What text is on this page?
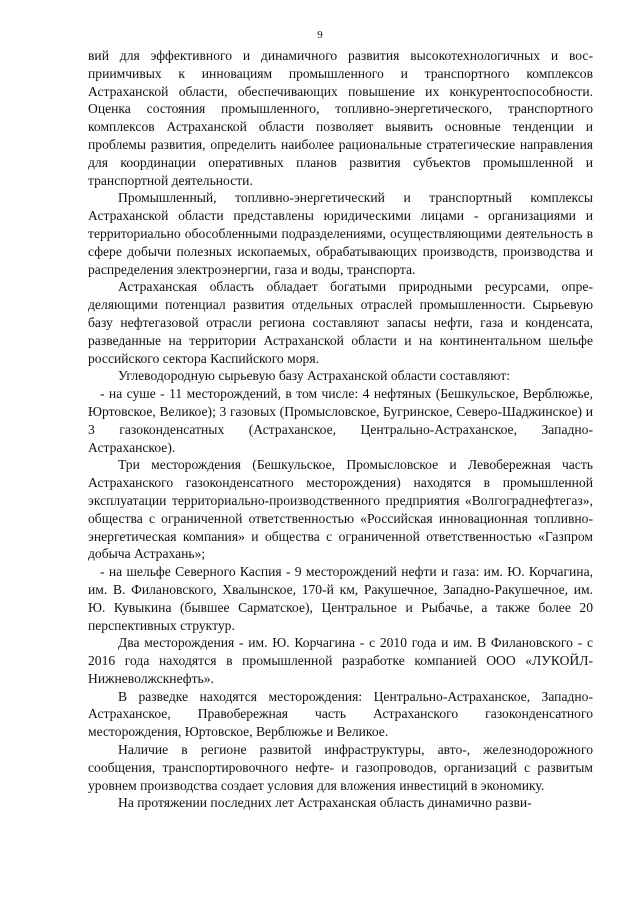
9

вий для эффективного и динамичного развития высокотехнологичных и восприимчивых к инновациям промышленного и транспортного комплексов Астраханской области, обеспечивающих повышение их конкурентоспособности. Оценка состояния промышленного, топливно-энергетического, транспортного комплексов Астраханской области позволяет выявить основные тенденции и проблемы развития, определить наиболее рациональные стратегические направления для координации оперативных планов развития субъектов промышленной и транспортной деятельности.

Промышленный, топливно-энергетический и транспортный комплексы Астраханской области представлены юридическими лицами - организациями и территориально обособленными подразделениями, осуществляющими деятельность в сфере добычи полезных ископаемых, обрабатывающих производств, производства и распределения электроэнергии, газа и воды, транспорта.

Астраханская область обладает богатыми природными ресурсами, определяющими потенциал развития отдельных отраслей промышленности. Сырьевую базу нефтегазовой отрасли региона составляют запасы нефти, газа и конденсата, разведанные на территории Астраханской области и на континентальном шельфе российского сектора Каспийского моря.

Углеводородную сырьевую базу Астраханской области составляют:

- на суше - 11 месторождений, в том числе: 4 нефтяных (Бешкульское, Верблюжье, Юртовское, Великое); 3 газовых (Промысловское, Бугринское, Северо-Шаджинское) и 3 газоконденсатных (Астраханское, Центрально-Астраханское, Западно-Астраханское).

Три месторождения (Бешкульское, Промысловское и Левобережная часть Астраханского газоконденсатного месторождения) находятся в промышленной эксплуатации территориально-производственного предприятия «Волгограднефтегаз», общества с ограниченной ответственностью «Российская инновационная топливно-энергетическая компания» и общества с ограниченной ответственностью «Газпром добыча Астрахань»;

- на шельфе Северного Каспия - 9 месторождений нефти и газа: им. Ю. Корчагина, им. В. Филановского, Хвалынское, 170-й км, Ракушечное, Западно-Ракушечное, им. Ю. Кувыкина (бывшее Сарматское), Центральное и Рыбачье, а также более 20 перспективных структур.

Два месторождения - им. Ю. Корчагина - с 2010 года и им. В Филановского - с 2016 года находятся в промышленной разработке компанией ООО «ЛУКОЙЛ-Нижневолжскнефть».

В разведке находятся месторождения: Центрально-Астраханское, Западно-Астраханское, Правобережная часть Астраханского газоконденсатного месторождения, Юртовское, Верблюжье и Великое.

Наличие в регионе развитой инфраструктуры, авто-, железнодорожного сообщения, транспортировочного нефте- и газопроводов, организаций с развитым уровнем производства создает условия для вложения инвестиций в экономику.

На протяжении последних лет Астраханская область динамично разви-
